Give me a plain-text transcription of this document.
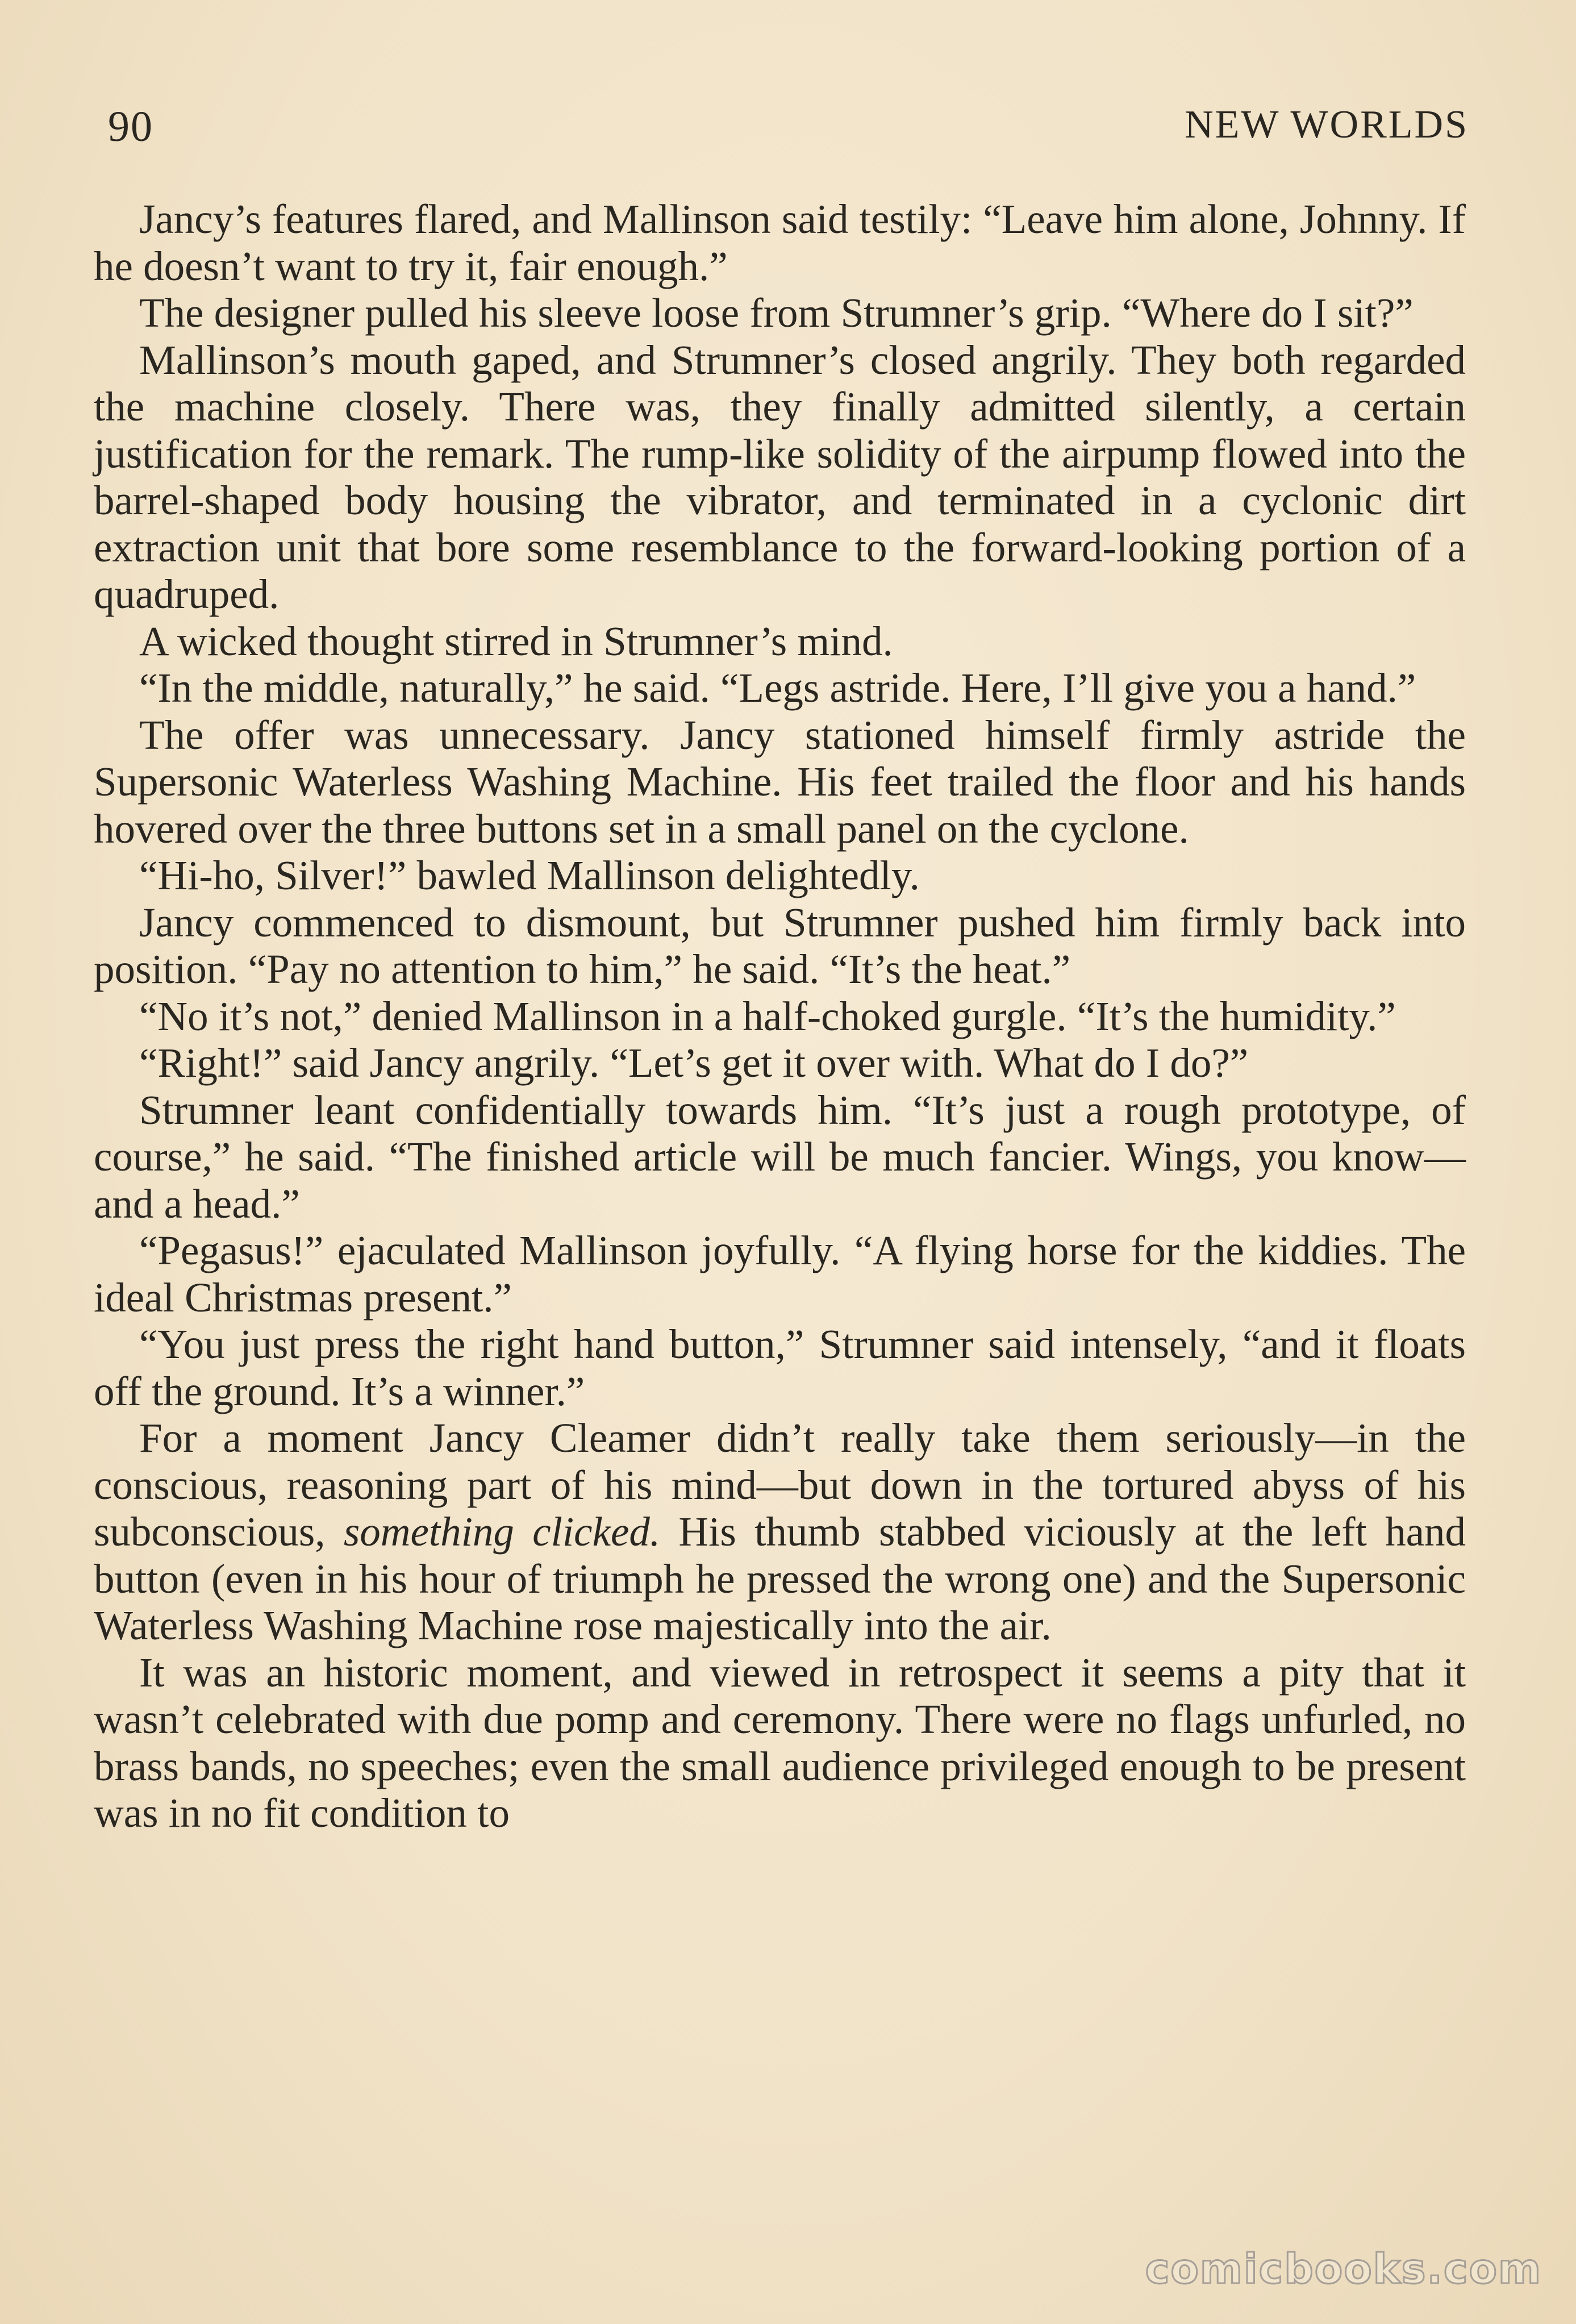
90	NEW WORLDS

Jancy’s features flared, and Mallinson said testily: “Leave him alone, Johnny. If he doesn’t want to try it, fair enough.”

The designer pulled his sleeve loose from Strumner’s grip. “Where do I sit?”

Mallinson’s mouth gaped, and Strumner’s closed angrily. They both regarded the machine closely. There was, they finally admitted silently, a certain justification for the remark. The rump-like solidity of the airpump flowed into the barrel-shaped body housing the vibrator, and terminated in a cyclonic dirt extraction unit that bore some resemblance to the forward-looking portion of a quadruped.

A wicked thought stirred in Strumner’s mind.

“In the middle, naturally,” he said. “Legs astride. Here, I’ll give you a hand.”

The offer was unnecessary. Jancy stationed himself firmly astride the Supersonic Waterless Washing Machine. His feet trailed the floor and his hands hovered over the three buttons set in a small panel on the cyclone.

“Hi-ho, Silver!” bawled Mallinson delightedly.

Jancy commenced to dismount, but Strumner pushed him firmly back into position. “Pay no attention to him,” he said. “It’s the heat.”

“No it’s not,” denied Mallinson in a half-choked gurgle. “It’s the humidity.”

“Right!” said Jancy angrily. “Let’s get it over with. What do I do?”

Strumner leant confidentially towards him. “It’s just a rough prototype, of course,” he said. “The finished article will be much fancier. Wings, you know—and a head.”

“Pegasus!” ejaculated Mallinson joyfully. “A flying horse for the kiddies. The ideal Christmas present.”

“You just press the right hand button,” Strumner said intensely, “and it floats off the ground. It’s a winner.”

For a moment Jancy Cleamer didn’t really take them seriously—in the conscious, reasoning part of his mind—but down in the tortured abyss of his subconscious, something clicked. His thumb stabbed viciously at the left hand button (even in his hour of triumph he pressed the wrong one) and the Supersonic Waterless Washing Machine rose majestically into the air.

It was an historic moment, and viewed in retrospect it seems a pity that it wasn’t celebrated with due pomp and ceremony. There were no flags unfurled, no brass bands, no speeches; even the small audience privileged enough to be present was in no fit condition to

comicbooks.com
